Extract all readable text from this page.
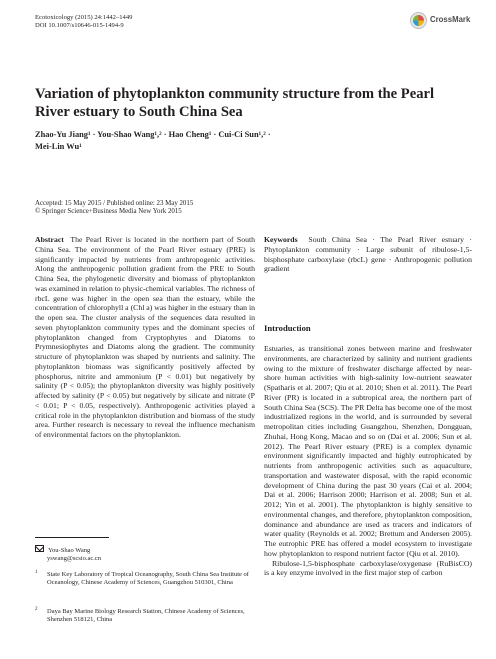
Ecotoxicology (2015) 24:1442–1449
DOI 10.1007/s10646-015-1494-9
CrossMark
Variation of phytoplankton community structure from the Pearl
River estuary to South China Sea
Zhao-Yu Jiang¹ · You-Shao Wang¹,² · Hao Cheng¹ · Cui-Ci Sun¹,² ·
Mei-Lin Wu¹
Accepted: 15 May 2015 / Published online: 23 May 2015
© Springer Science+Business Media New York 2015
Abstract The Pearl River is located in the northern part of South China Sea. The environment of the Pearl River estuary (PRE) is significantly impacted by nutrients from anthropogenic activities. Along the anthropogenic pollution gradient from the PRE to South China Sea, the phylogenetic diversity and biomass of phytoplankton was examined in relation to physic-chemical variables. The richness of rbcL gene was higher in the open sea than the estuary, while the concentration of chlorophyll a (Chl a) was higher in the estuary than in the open sea. The cluster analysis of the sequences data resulted in seven phytoplankton community types and the dominant species of phytoplankton changed from Cryptophytes and Diatoms to Prymnesiophytes and Diatoms along the gradient. The community structure of phytoplankton was shaped by nutrients and salinity. The phytoplankton biomass was significantly positively affected by phosphorus, nitrite and ammonium (P < 0.01) but negatively by salinity (P < 0.05); the phytoplankton diversity was highly positively affected by salinity (P < 0.05) but negatively by silicate and nitrate (P < 0.01; P < 0.05, respectively). Anthropogenic activities played a critical role in the phytoplankton distribution and biomass of the study area. Further research is necessary to reveal the influence mechanism of environmental factors on the phytoplankton.
Keywords South China Sea · The Pearl River estuary · Phytoplankton community · Large subunit of ribulose-1,5-bisphosphate carboxylase (rbcL) gene · Anthropogenic pollution gradient
Introduction

Estuaries, as transitional zones between marine and freshwater environments, are characterized by salinity and nutrient gradients owing to the mixture of freshwater discharge affected by near-shore human activities with high-salinity low-nutrient seawater (Spatharis et al. 2007; Qiu et al. 2010; Shen et al. 2011). The Pearl River (PR) is located in a subtropical area, the northern part of South China Sea (SCS). The PR Delta has become one of the most industrialized regions in the world, and is surrounded by several metropolitan cities including Guangzhou, Shenzhen, Dongguan, Zhuhai, Hong Kong, Macao and so on (Dai et al. 2006; Sun et al. 2012). The Pearl River estuary (PRE) is a complex dynamic environment significantly impacted and highly eutrophicated by nutrients from anthropogenic activities such as aquaculture, transportation and wastewater disposal, with the rapid economic development of China during the past 30 years (Cai et al. 2004; Dai et al. 2006; Harrison 2000; Harrison et al. 2008; Sun et al. 2012; Yin et al. 2001). The phytoplankton is highly sensitive to environmental changes, and therefore, phytoplankton composition, dominance and abundance are used as tracers and indicators of water quality (Reynolds et al. 2002; Brettum and Andersen 2005). The eutrophic PRE has offered a model ecosystem to investigate how phytoplankton to respond nutrient factor (Qiu et al. 2010).

Ribulose-1,5-bisphosphate carboxylase/oxygenase (RuBisCO) is a key enzyme involved in the first major step of carbon

You-Shao Wang
yswang@scsio.ac.cn
1 State Key Laboratory of Tropical Oceanography, South China Sea Institute of Oceanology, Chinese Academy of Sciences, Guangzhou 510301, China
2 Daya Bay Marine Biology Research Station, Chinese Academy of Sciences, Shenzhen 518121, China
